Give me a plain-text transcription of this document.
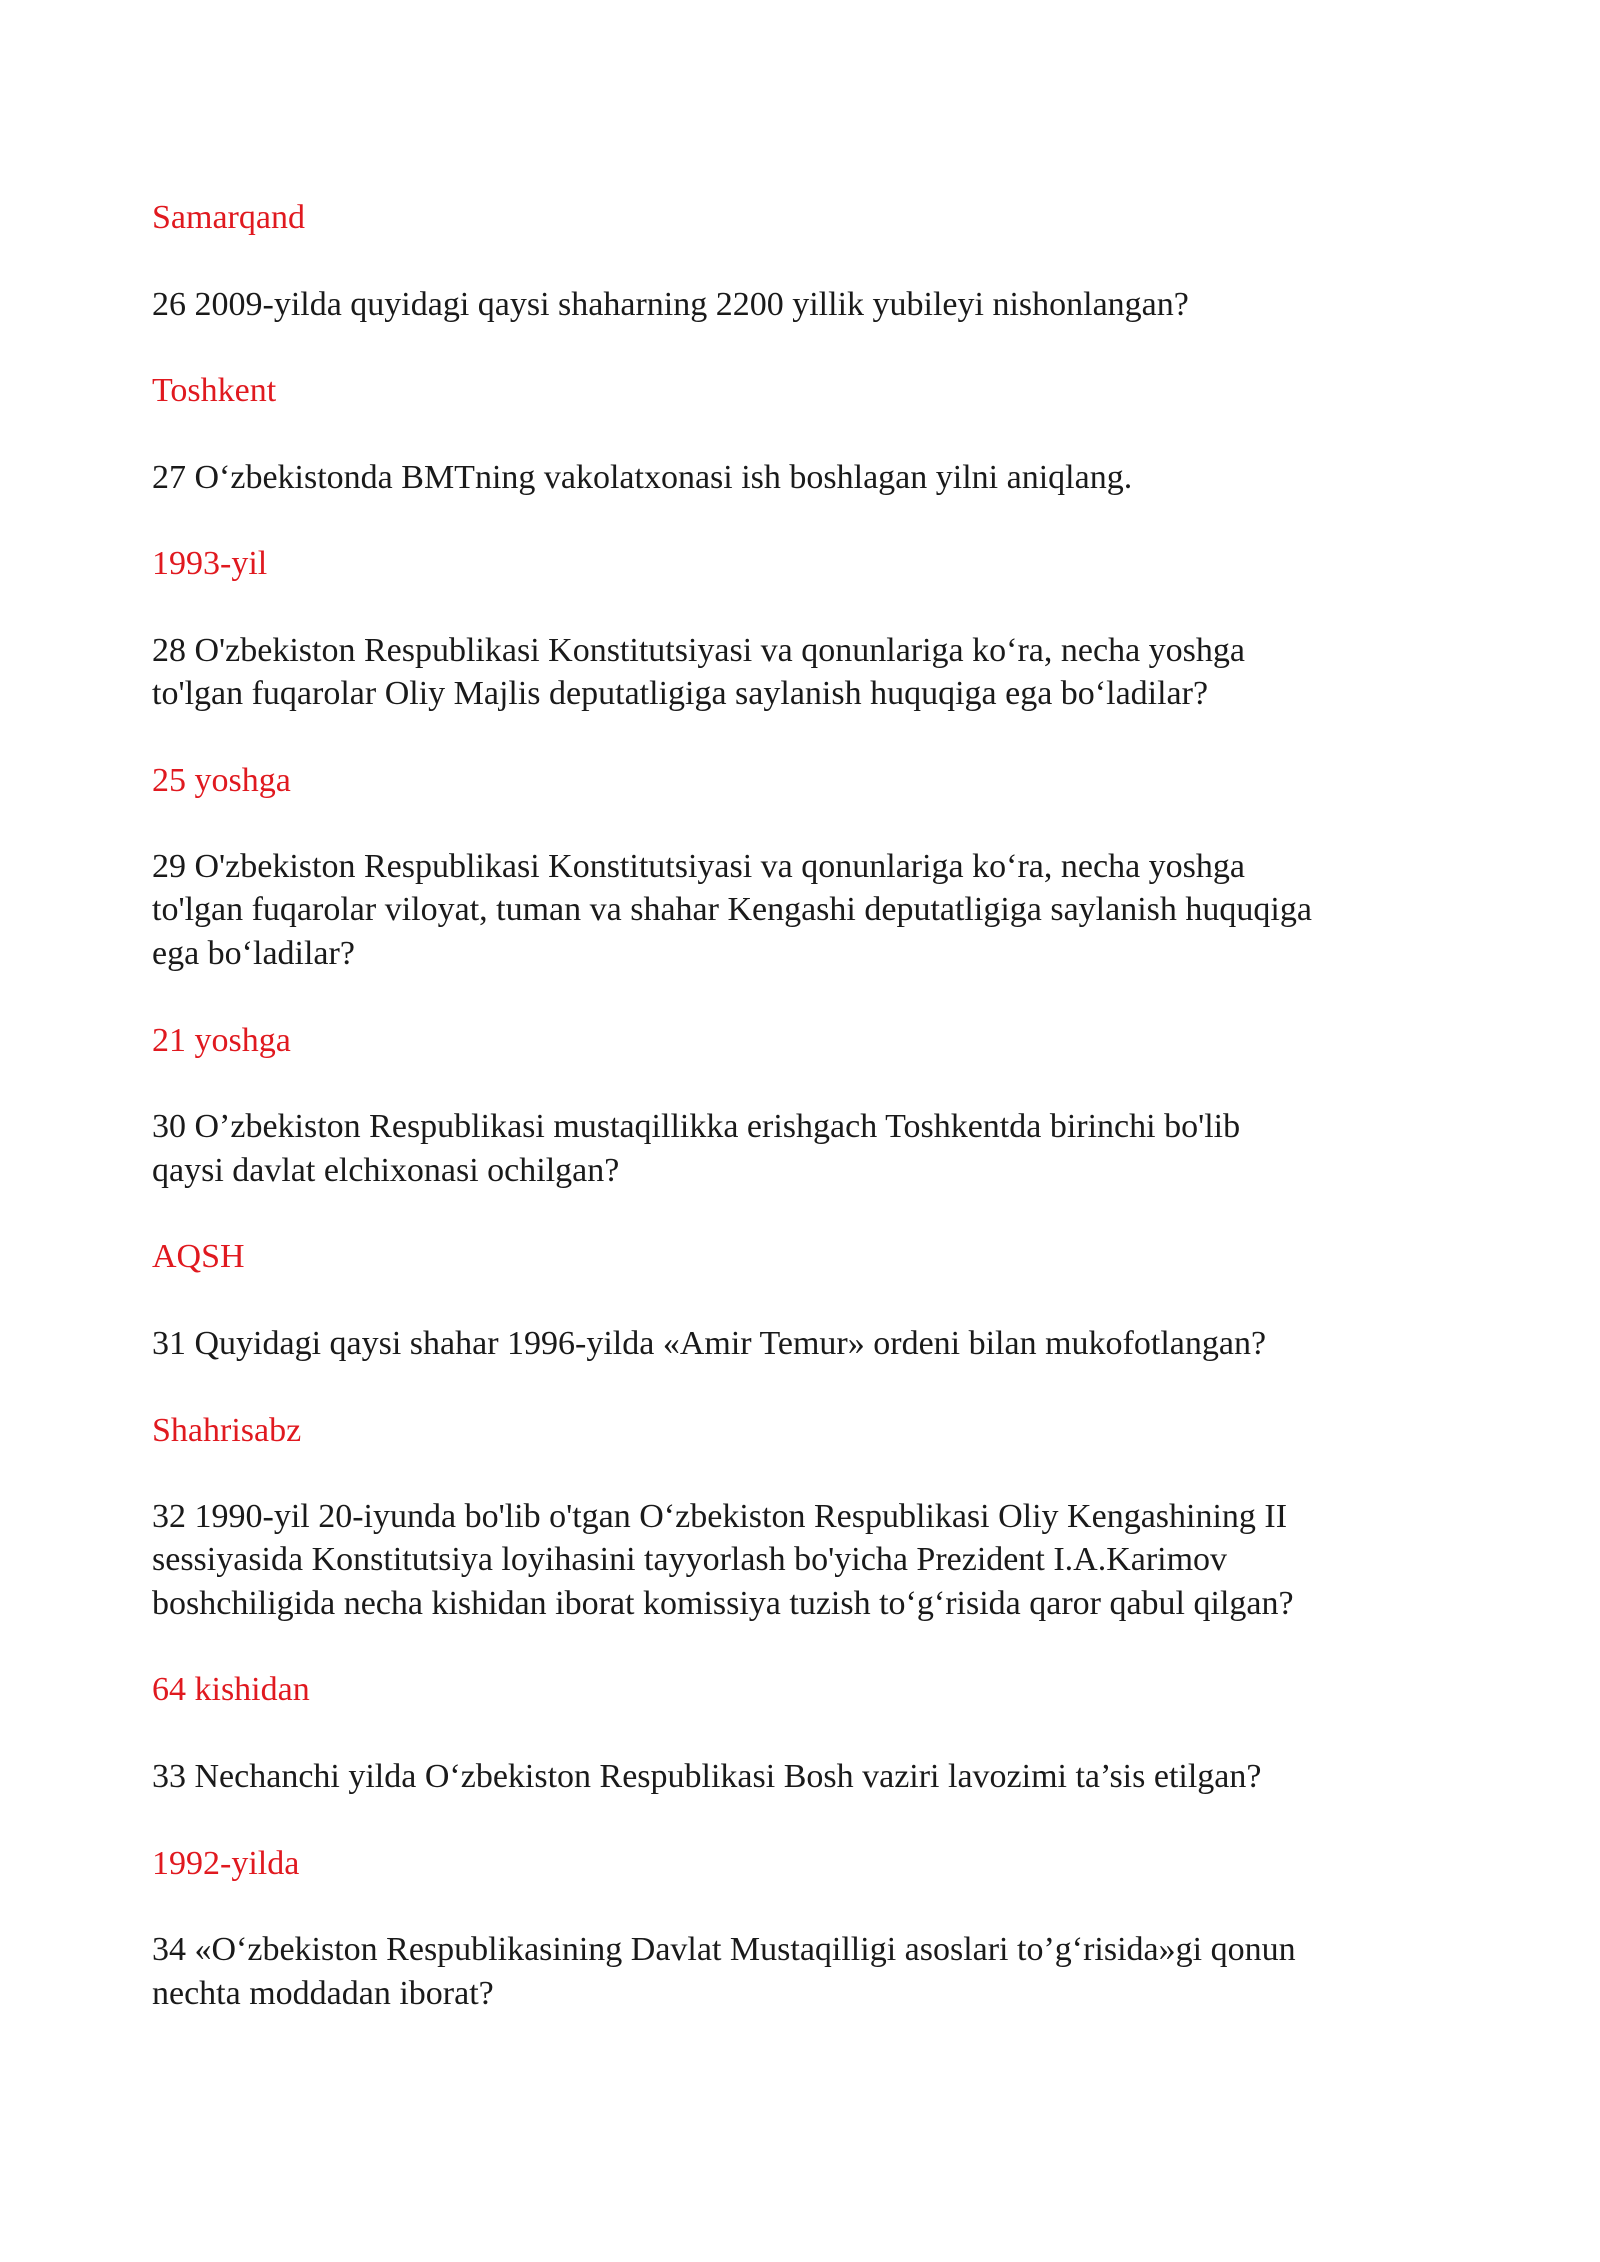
Samarqand
26 2009-yilda quyidagi qaysi shaharning 2200 yillik yubileyi nishonlangan?
Toshkent
27 O‘zbekistonda BMTning vakolatxonasi ish boshlagan yilni aniqlang.
1993-yil
28 O'zbekiston Respublikasi Konstitutsiyasi va qonunlariga ko‘ra, necha yoshga
to'lgan fuqarolar Oliy Majlis deputatligiga saylanish huquqiga ega bo‘ladilar?
25 yoshga
29 O'zbekiston Respublikasi Konstitutsiyasi va qonunlariga ko‘ra, necha yoshga
to'lgan fuqarolar viloyat, tuman va shahar Kengashi deputatligiga saylanish huquqiga
ega bo‘ladilar?
21 yoshga
30 O’zbekiston Respublikasi mustaqillikka erishgach Toshkentda birinchi bo'lib
qaysi davlat elchixonasi ochilgan?
AQSH
31 Quyidagi qaysi shahar 1996-yilda «Amir Temur» ordeni bilan mukofotlangan?
Shahrisabz
32 1990-yil 20-iyunda bo'lib o'tgan O‘zbekiston Respublikasi Oliy Kengashining II
sessiyasida Konstitutsiya loyihasini tayyorlash bo'yicha Prezident I.A.Karimov
boshchiligida necha kishidan iborat komissiya tuzish to‘g‘risida qaror qabul qilgan?
64 kishidan
33 Nechanchi yilda O‘zbekiston Respublikasi Bosh vaziri lavozimi ta’sis etilgan?
1992-yilda
34 «O‘zbekiston Respublikasining Davlat Mustaqilligi asoslari to’g‘risida»gi qonun
nechta moddadan iborat?
